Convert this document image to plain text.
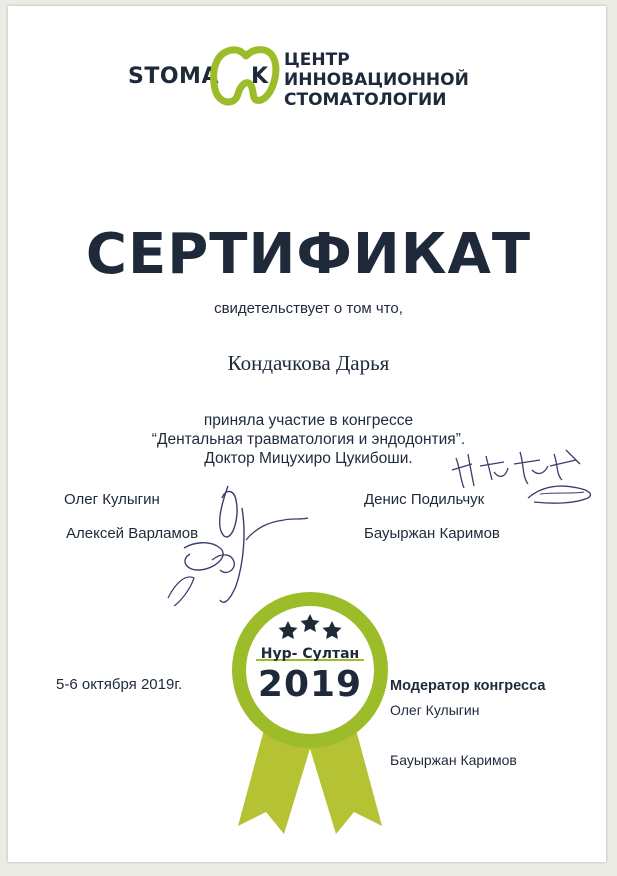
STOMA K
ЦЕНТР
ИННОВАЦИОННОЙ
СТОМАТОЛОГИИ
СЕРТИФИКАТ
свидетельствует о том что,
Кондачкова Дарья
приняла участие в конгрессе
“Дентальная травматология и эндодонтия”.
Доктор Мицухиро Цукибоши.
Олег Кулыгин
Алексей Варламов
Денис Подильчук
Бауыржан Каримов
5-6 октября 2019г.	Модератор конгресса
Олег Кулыгин
Бауыржан Каримов
Нур- Султан
2019
